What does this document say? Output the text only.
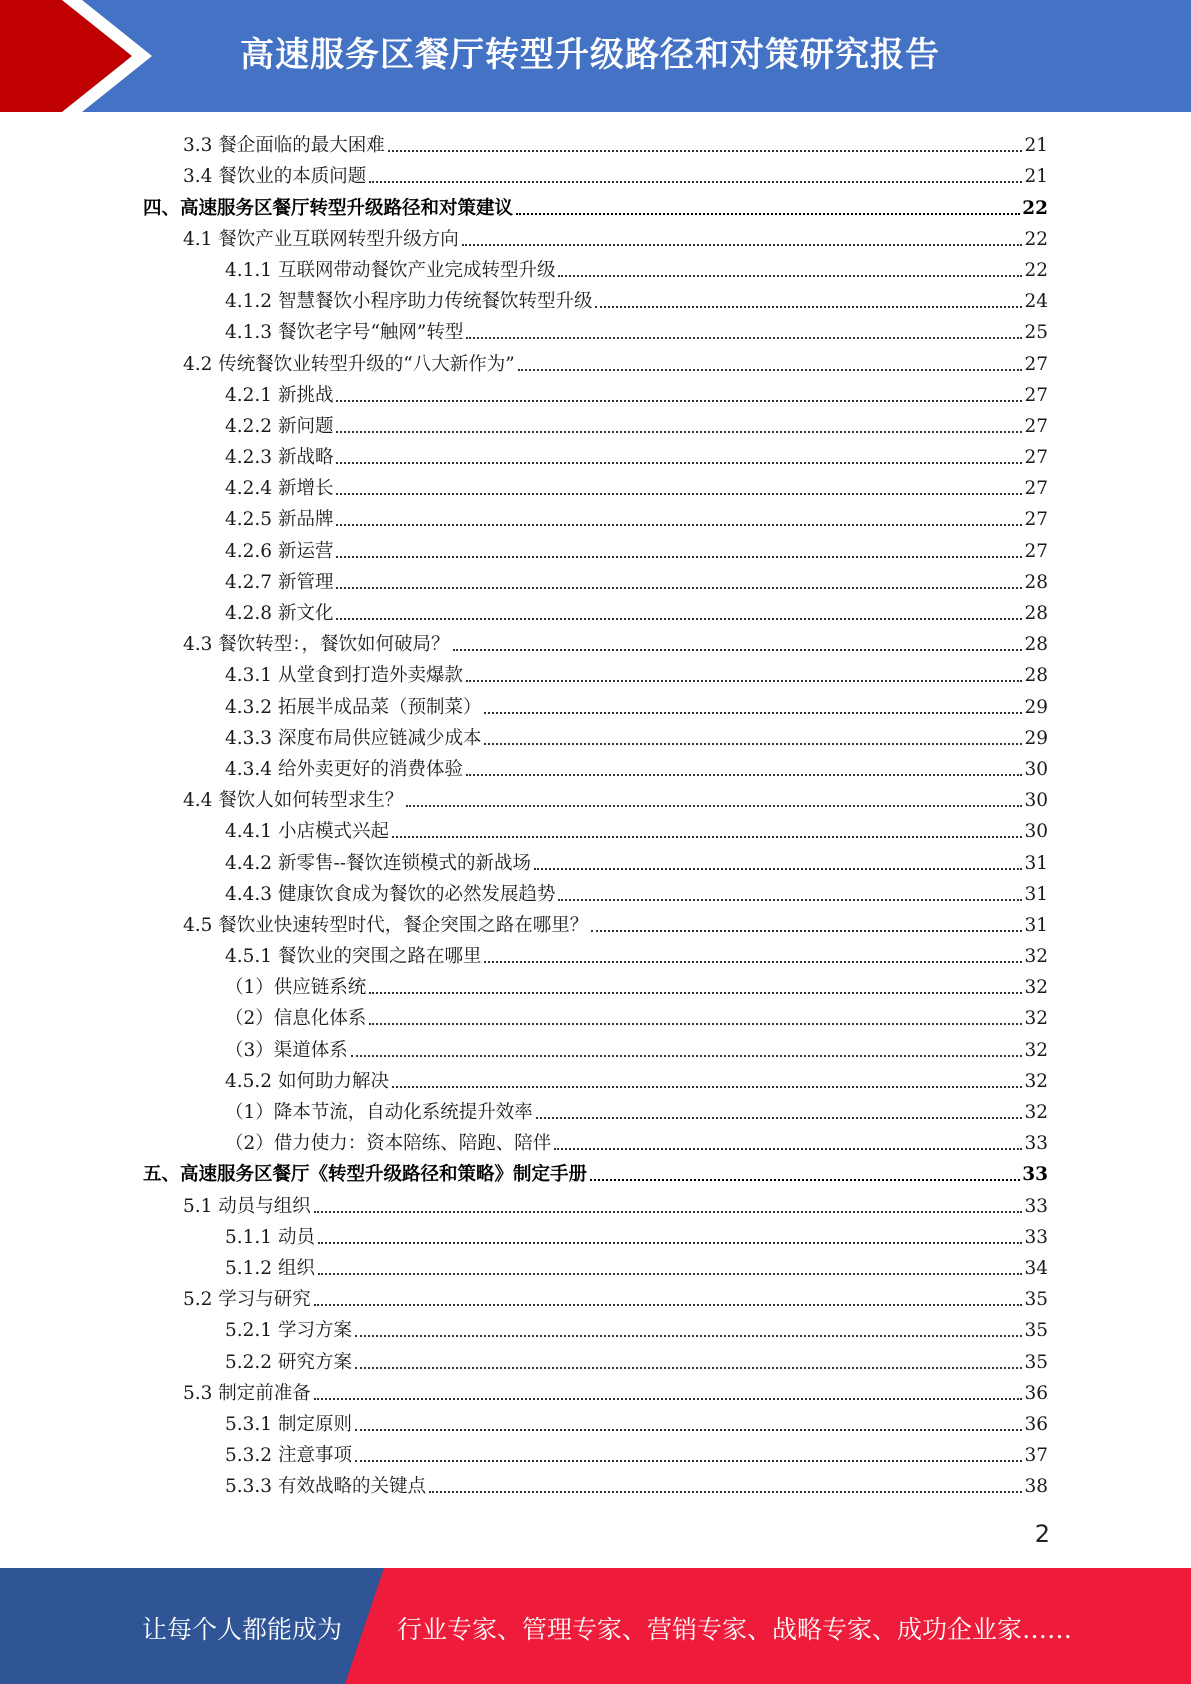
高速服务区餐厅转型升级路径和对策研究报告
3.3 餐企面临的最大困难	21
3.4 餐饮业的本质问题	21
四、高速服务区餐厅转型升级路径和对策建议	22
4.1 餐饮产业互联网转型升级方向	22
4.1.1 互联网带动餐饮产业完成转型升级	22
4.1.2 智慧餐饮小程序助力传统餐饮转型升级	24
4.1.3 餐饮老字号“触网”转型	25
4.2 传统餐饮业转型升级的“八大新作为”	27
4.2.1 新挑战	27
4.2.2 新问题	27
4.2.3 新战略	27
4.2.4 新增长	27
4.2.5 新品牌	27
4.2.6 新运营	27
4.2.7 新管理	28
4.2.8 新文化	28
4.3 餐饮转型：，餐饮如何破局？	28
4.3.1 从堂食到打造外卖爆款	28
4.3.2 拓展半成品菜（预制菜）	29
4.3.3 深度布局供应链减少成本	29
4.3.4 给外卖更好的消费体验	30
4.4 餐饮人如何转型求生？	30
4.4.1 小店模式兴起	30
4.4.2 新零售--餐饮连锁模式的新战场	31
4.4.3 健康饮食成为餐饮的必然发展趋势	31
4.5 餐饮业快速转型时代，餐企突围之路在哪里？	31
4.5.1 餐饮业的突围之路在哪里	32
（1）供应链系统	32
（2）信息化体系	32
（3）渠道体系	32
4.5.2 如何助力解决	32
（1）降本节流，自动化系统提升效率	32
（2）借力使力：资本陪练、陪跑、陪伴	33
五、高速服务区餐厅《转型升级路径和策略》制定手册	33
5.1 动员与组织	33
5.1.1 动员	33
5.1.2 组织	34
5.2 学习与研究	35
5.2.1 学习方案	35
5.2.2 研究方案	35
5.3 制定前准备	36
5.3.1 制定原则	36
5.3.2 注意事项	37
5.3.3 有效战略的关键点	38
2
让每个人都能成为 行业专家、管理专家、营销专家、战略专家、成功企业家……
